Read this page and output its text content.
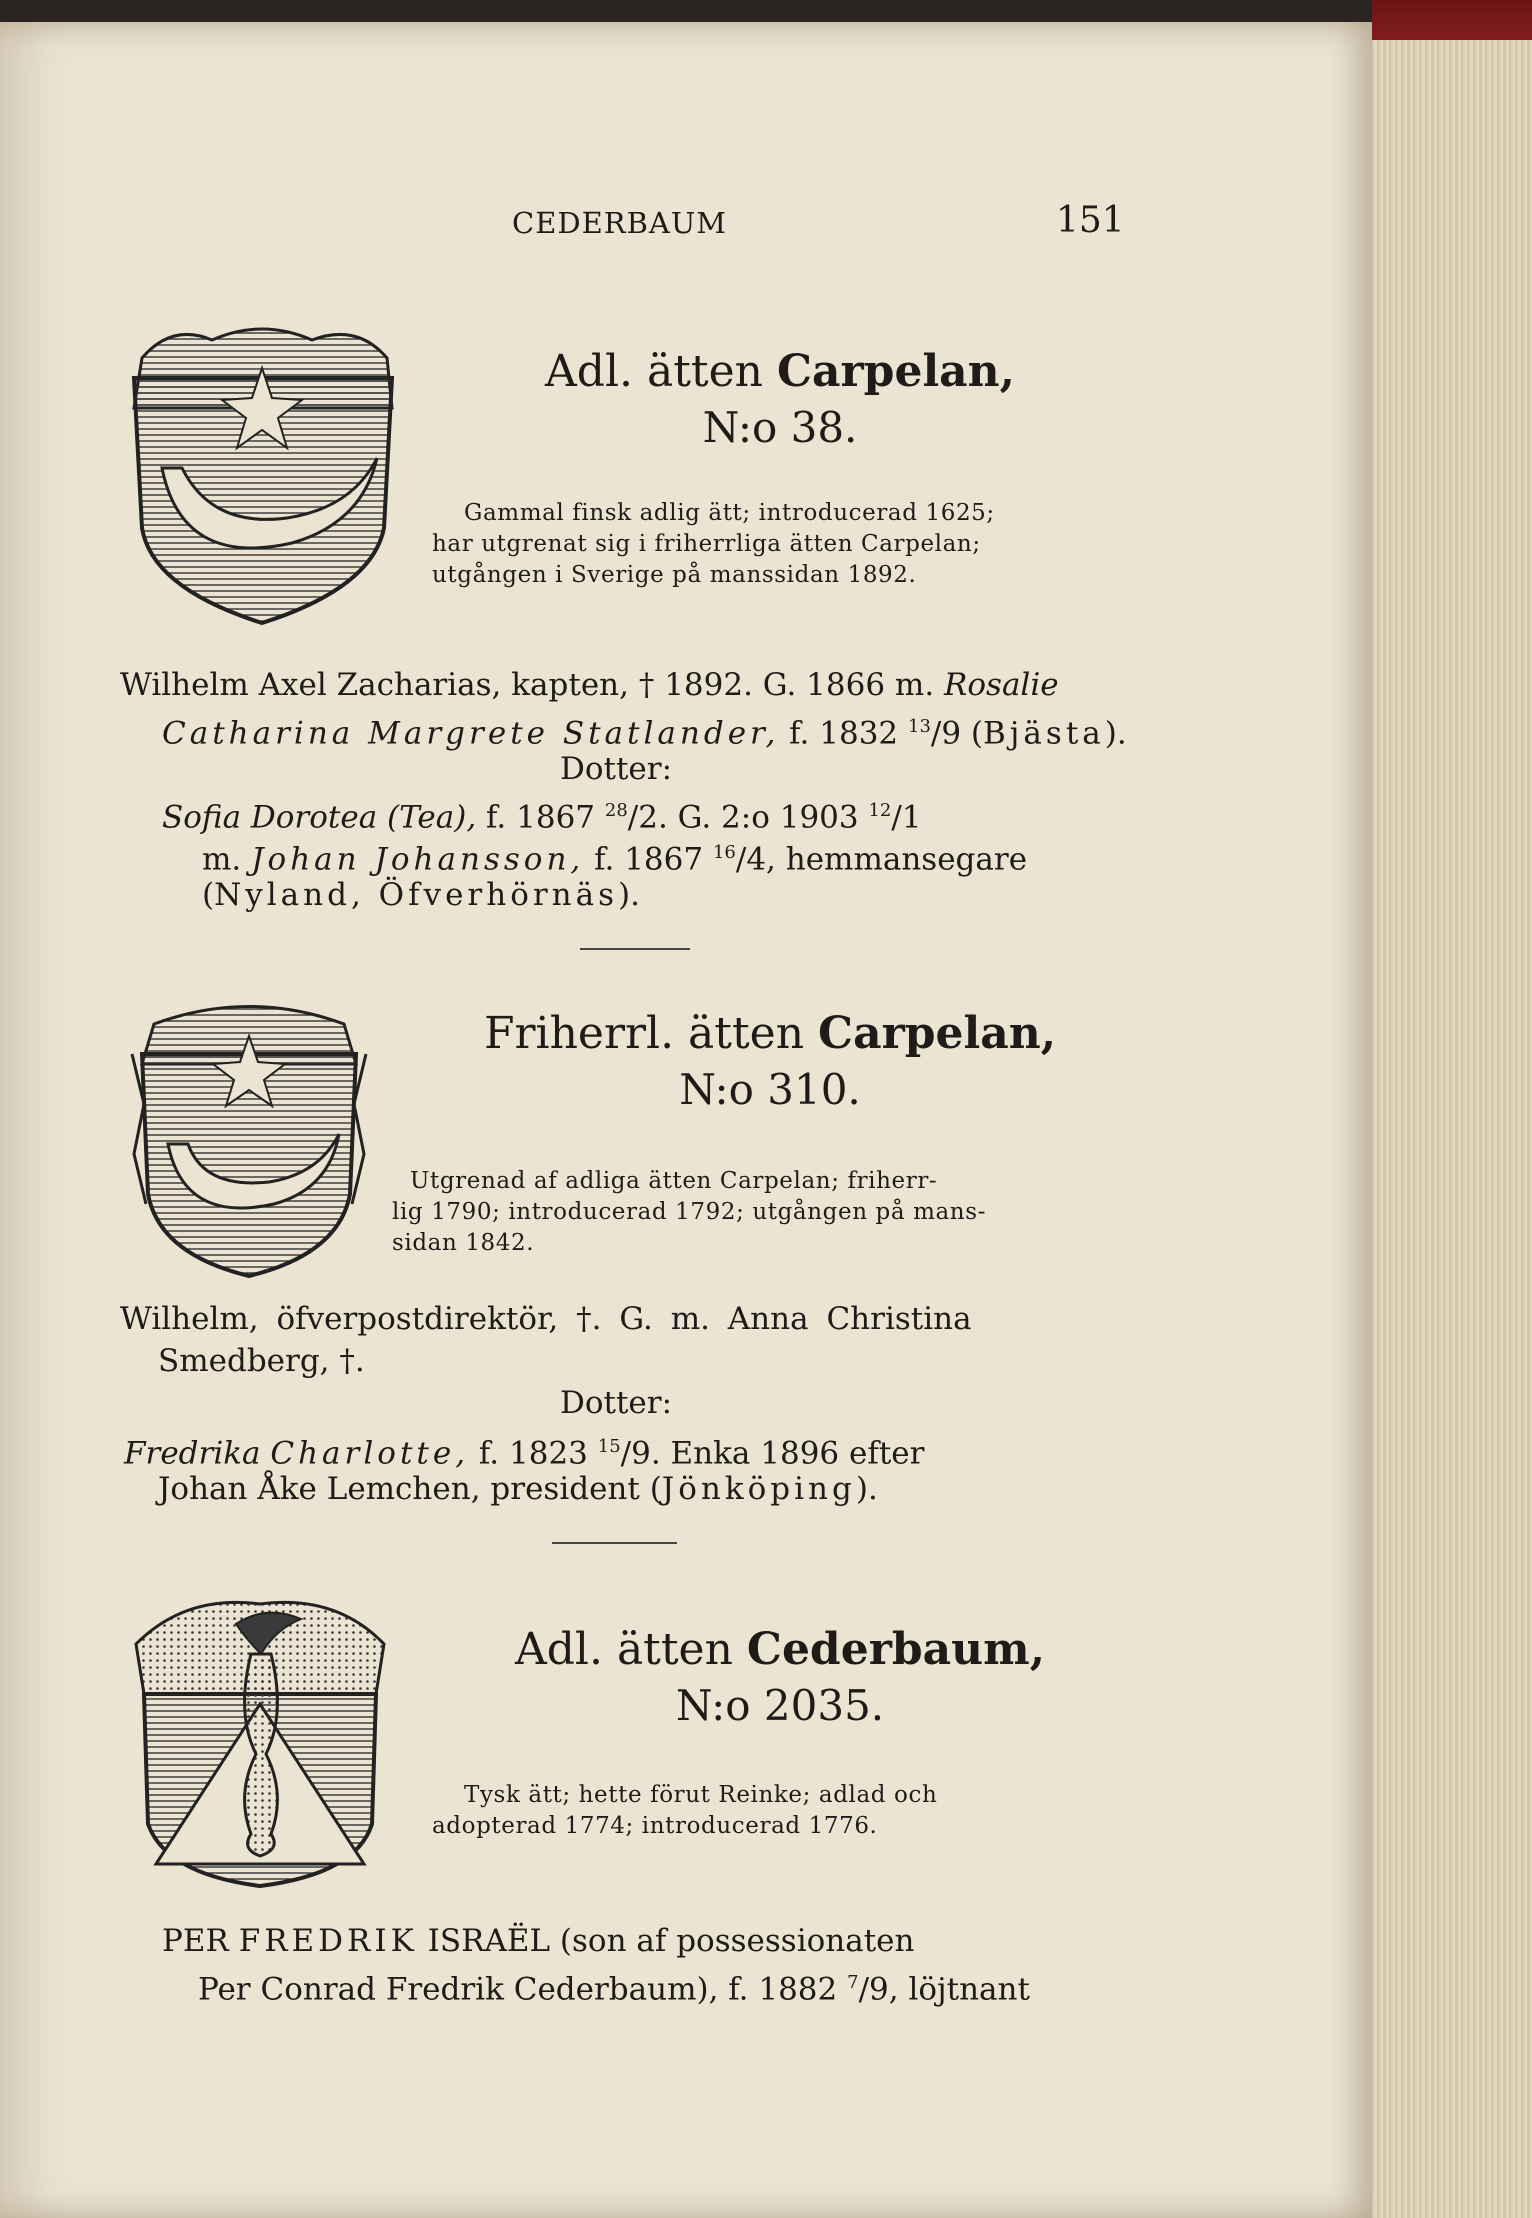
CEDERBAUM	151
Adl. ätten Carpelan,
N:o 38.

Gammal finsk adlig ätt; introducerad 1625;

har utgrenat sig i friherrliga ätten Carpelan;

utgången i Sverige på manssidan 1892.

Wilhelm Axel Zacharias, kapten, † 1892. G. 1866 m. Rosalie
Catharina Margrete Statlander, f. 1832 $^{13}$/9 (Bjästa).
Dotter:
Sofia Dorotea (Tea), f. 1867 $^{28}$/2. G. 2:o 1903 $^{12}$/1
m. Johan Johansson, f. 1867 $^{16}$/4, hemmansegare
(Nyland, Öfverhörnäs).
Friherrl. ätten Carpelan,
N:o 310.

Utgrenad af adliga ätten Carpelan; friherr-

lig 1790; introducerad 1792; utgången på mans-

sidan 1842.

Wilhelm, öfverpostdirektör, †. G. m. Anna Christina
Smedberg, †.
Dotter:
Fredrika Charlotte, f. 1823 $^{15}$/9. Enka 1896 efter
Johan Åke Lemchen, president (Jönköping).
Adl. ätten Cederbaum,
N:o 2035.

Tysk ätt; hette förut Reinke; adlad och

adopterad 1774; introducerad 1776.

PER FREDRIK ISRAËL (son af possessionaten
Per Conrad Fredrik Cederbaum), f. 1882 $^7$/9, löjtnant
